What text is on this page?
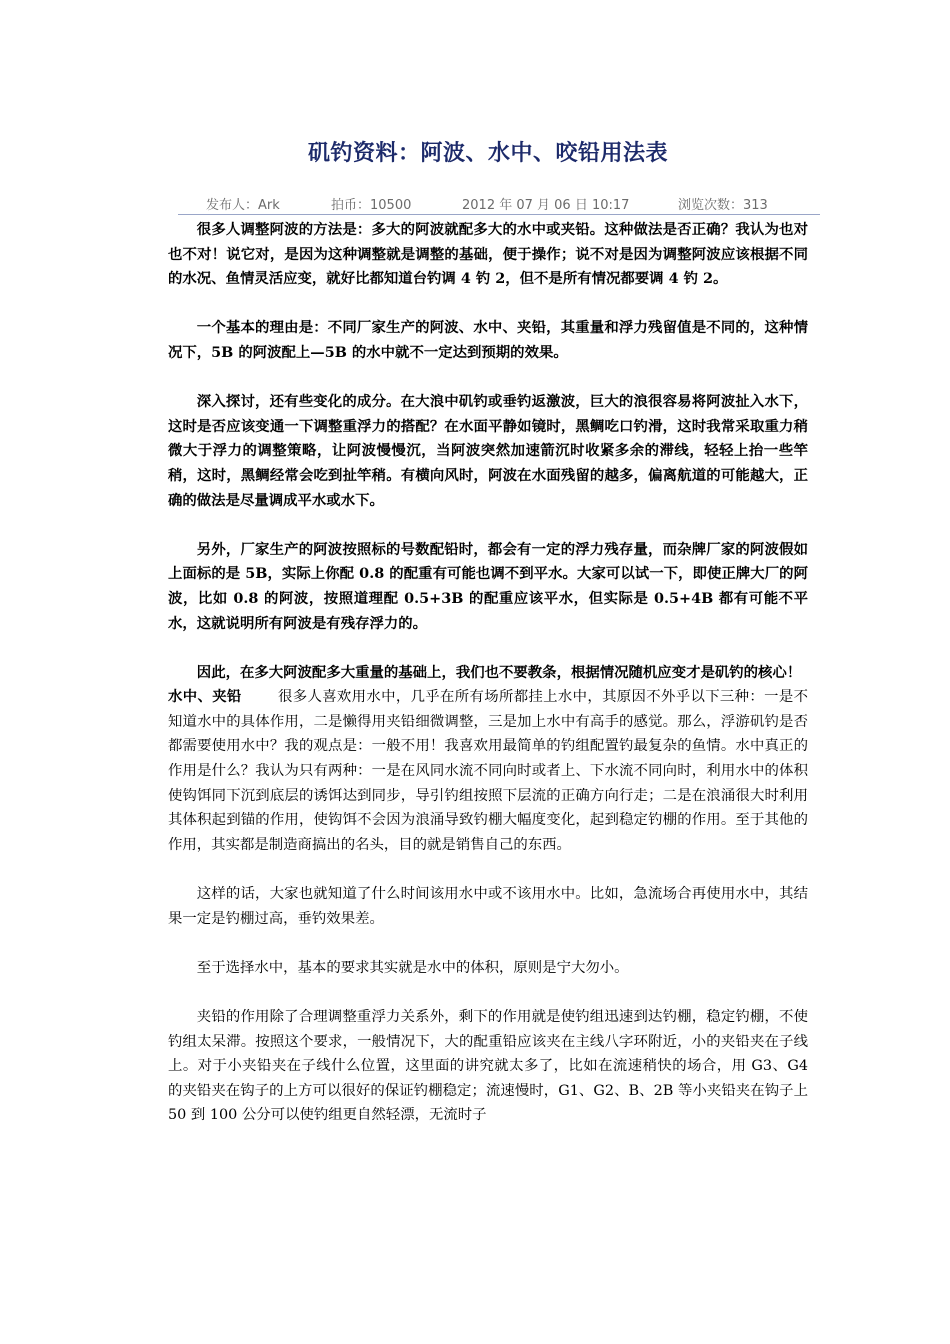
矶钓资料：阿波、水中、咬铅用法表
发布人：Ark	拍币：10500	2012 年 07 月 06 日 10:17	浏览次数：313

很多人调整阿波的方法是：多大的阿波就配多大的水中或夹铅。这种做法是否正确？我认为也对也不对！说它对，是因为这种调整就是调整的基础，便于操作；说不对是因为调整阿波应该根据不同的水况、鱼情灵活应变，就好比都知道台钓调 4 钓 2，但不是所有情况都要调 4 钓 2。

一个基本的理由是：不同厂家生产的阿波、水中、夹铅，其重量和浮力残留值是不同的，这种情况下，5B 的阿波配上—5B 的水中就不一定达到预期的效果。

深入探讨，还有些变化的成分。在大浪中矶钓或垂钓返激波，巨大的浪很容易将阿波扯入水下，这时是否应该变通一下调整重浮力的搭配？在水面平静如镜时，黑鲷吃口钓滑，这时我常采取重力稍微大于浮力的调整策略，让阿波慢慢沉，当阿波突然加速箭沉时收紧多余的滞线，轻轻上抬一些竿稍，这时，黑鲷经常会吃到扯竿稍。有横向风时，阿波在水面残留的越多，偏离航道的可能越大，正确的做法是尽量调成平水或水下。

另外，厂家生产的阿波按照标的号数配铅时，都会有一定的浮力残存量，而杂牌厂家的阿波假如上面标的是 5B，实际上你配 0.8 的配重有可能也调不到平水。大家可以试一下，即使正牌大厂的阿波，比如 0.8 的阿波，按照道理配 0.5+3B 的配重应该平水，但实际是 0.5+4B 都有可能不平水，这就说明所有阿波是有残存浮力的。

因此，在多大阿波配多大重量的基础上，我们也不要教条，根据情况随机应变才是矶钓的核心！

水中、夹铅	很多人喜欢用水中，几乎在所有场所都挂上水中，其原因不外乎以下三种：一是不知道水中的具体作用，二是懒得用夹铅细微调整，三是加上水中有高手的感觉。那么，浮游矶钓是否都需要使用水中？我的观点是：一般不用！我喜欢用最简单的钓组配置钓最复杂的鱼情。水中真正的作用是什么？我认为只有两种：一是在风同水流不同向时或者上、下水流不同向时，利用水中的体积使钩饵同下沉到底层的诱饵达到同步，导引钓组按照下层流的正确方向行走；二是在浪涌很大时利用其体积起到锚的作用，使钩饵不会因为浪涌导致钓棚大幅度变化，起到稳定钓棚的作用。至于其他的作用，其实都是制造商搞出的名头，目的就是销售自己的东西。

这样的话，大家也就知道了什么时间该用水中或不该用水中。比如，急流场合再使用水中，其结果一定是钓棚过高，垂钓效果差。

至于选择水中，基本的要求其实就是水中的体积，原则是宁大勿小。

夹铅的作用除了合理调整重浮力关系外，剩下的作用就是使钓组迅速到达钓棚，稳定钓棚，不使钓组太呆滞。按照这个要求，一般情况下，大的配重铅应该夹在主线八字环附近，小的夹铅夹在子线上。对于小夹铅夹在子线什么位置，这里面的讲究就太多了，比如在流速稍快的场合，用 G3、G4 的夹铅夹在钩子的上方可以很好的保证钓棚稳定；流速慢时，G1、G2、B、2B 等小夹铅夹在钩子上 50 到 100 公分可以使钓组更自然轻漂，无流时子
